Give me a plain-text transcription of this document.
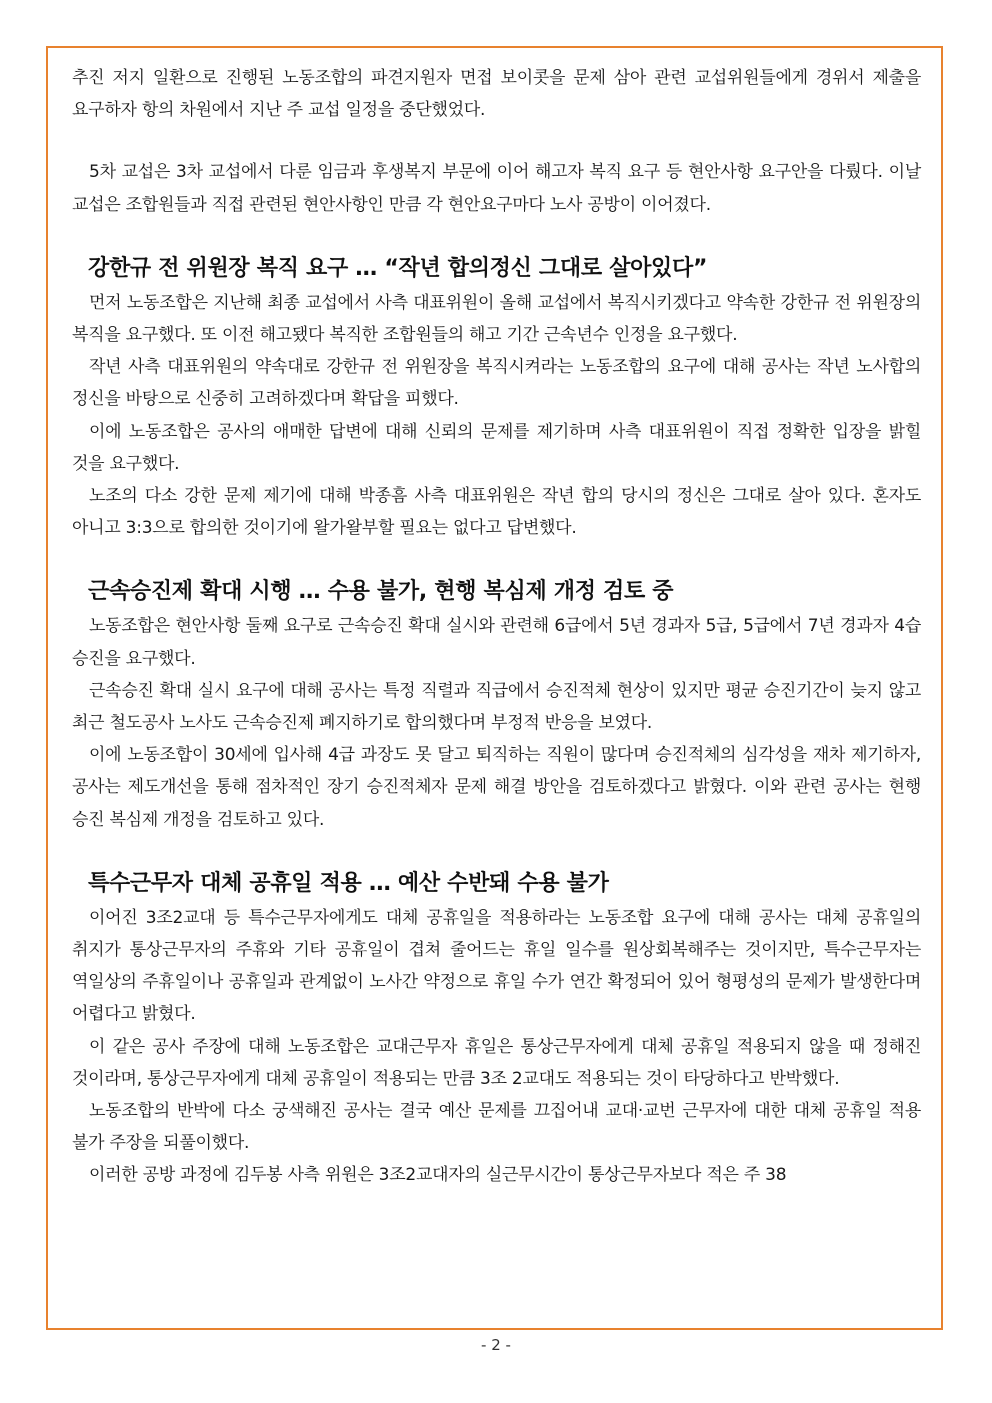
추진 저지 일환으로 진행된 노동조합의 파견지원자 면접 보이콧을 문제 삼아 관련 교섭위원들에게 경위서 제출을 요구하자 항의 차원에서 지난 주 교섭 일정을 중단했었다.

5차 교섭은 3차 교섭에서 다룬 임금과 후생복지 부문에 이어 해고자 복직 요구 등 현안사항 요구안을 다뤘다. 이날 교섭은 조합원들과 직접 관련된 현안사항인 만큼 각 현안요구마다 노사 공방이 이어졌다.

강한규 전 위원장 복직 요구 … “작년 합의정신 그대로 살아있다”

먼저 노동조합은 지난해 최종 교섭에서 사측 대표위원이 올해 교섭에서 복직시키겠다고 약속한 강한규 전 위원장의 복직을 요구했다. 또 이전 해고됐다 복직한 조합원들의 해고 기간 근속년수 인정을 요구했다.

작년 사측 대표위원의 약속대로 강한규 전 위원장을 복직시켜라는 노동조합의 요구에 대해 공사는 작년 노사합의 정신을 바탕으로 신중히 고려하겠다며 확답을 피했다.

이에 노동조합은 공사의 애매한 답변에 대해 신뢰의 문제를 제기하며 사측 대표위원이 직접 정확한 입장을 밝힐 것을 요구했다.

노조의 다소 강한 문제 제기에 대해 박종흠 사측 대표위원은 작년 합의 당시의 정신은 그대로 살아 있다. 혼자도 아니고 3:3으로 합의한 것이기에 왈가왈부할 필요는 없다고 답변했다.

근속승진제 확대 시행 … 수용 불가, 현행 복심제 개정 검토 중

노동조합은 현안사항 둘째 요구로 근속승진 확대 실시와 관련해 6급에서 5년 경과자 5급, 5급에서 7년 경과자 4습 승진을 요구했다.

근속승진 확대 실시 요구에 대해 공사는 특정 직렬과 직급에서 승진적체 현상이 있지만 평균 승진기간이 늦지 않고 최근 철도공사 노사도 근속승진제 폐지하기로 합의했다며 부정적 반응을 보였다.

이에 노동조합이 30세에 입사해 4급 과장도 못 달고 퇴직하는 직원이 많다며 승진적체의 심각성을 재차 제기하자, 공사는 제도개선을 통해 점차적인 장기 승진적체자 문제 해결 방안을 검토하겠다고 밝혔다. 이와 관련 공사는 현행 승진 복심제 개정을 검토하고 있다.

특수근무자 대체 공휴일 적용 … 예산 수반돼 수용 불가

이어진 3조2교대 등 특수근무자에게도 대체 공휴일을 적용하라는 노동조합 요구에 대해 공사는 대체 공휴일의 취지가 통상근무자의 주휴와 기타 공휴일이 겹쳐 줄어드는 휴일 일수를 원상회복해주는 것이지만, 특수근무자는 역일상의 주휴일이나 공휴일과 관계없이 노사간 약정으로 휴일 수가 연간 확정되어 있어 형평성의 문제가 발생한다며 어렵다고 밝혔다.

이 같은 공사 주장에 대해 노동조합은 교대근무자 휴일은 통상근무자에게 대체 공휴일 적용되지 않을 때 정해진 것이라며, 통상근무자에게 대체 공휴일이 적용되는 만큼 3조 2교대도 적용되는 것이 타당하다고 반박했다.

노동조합의 반박에 다소 궁색해진 공사는 결국 예산 문제를 끄집어내 교대·교번 근무자에 대한 대체 공휴일 적용 불가 주장을 되풀이했다.

이러한 공방 과정에 김두봉 사측 위원은 3조2교대자의 실근무시간이 통상근무자보다 적은 주 38

- 2 -
